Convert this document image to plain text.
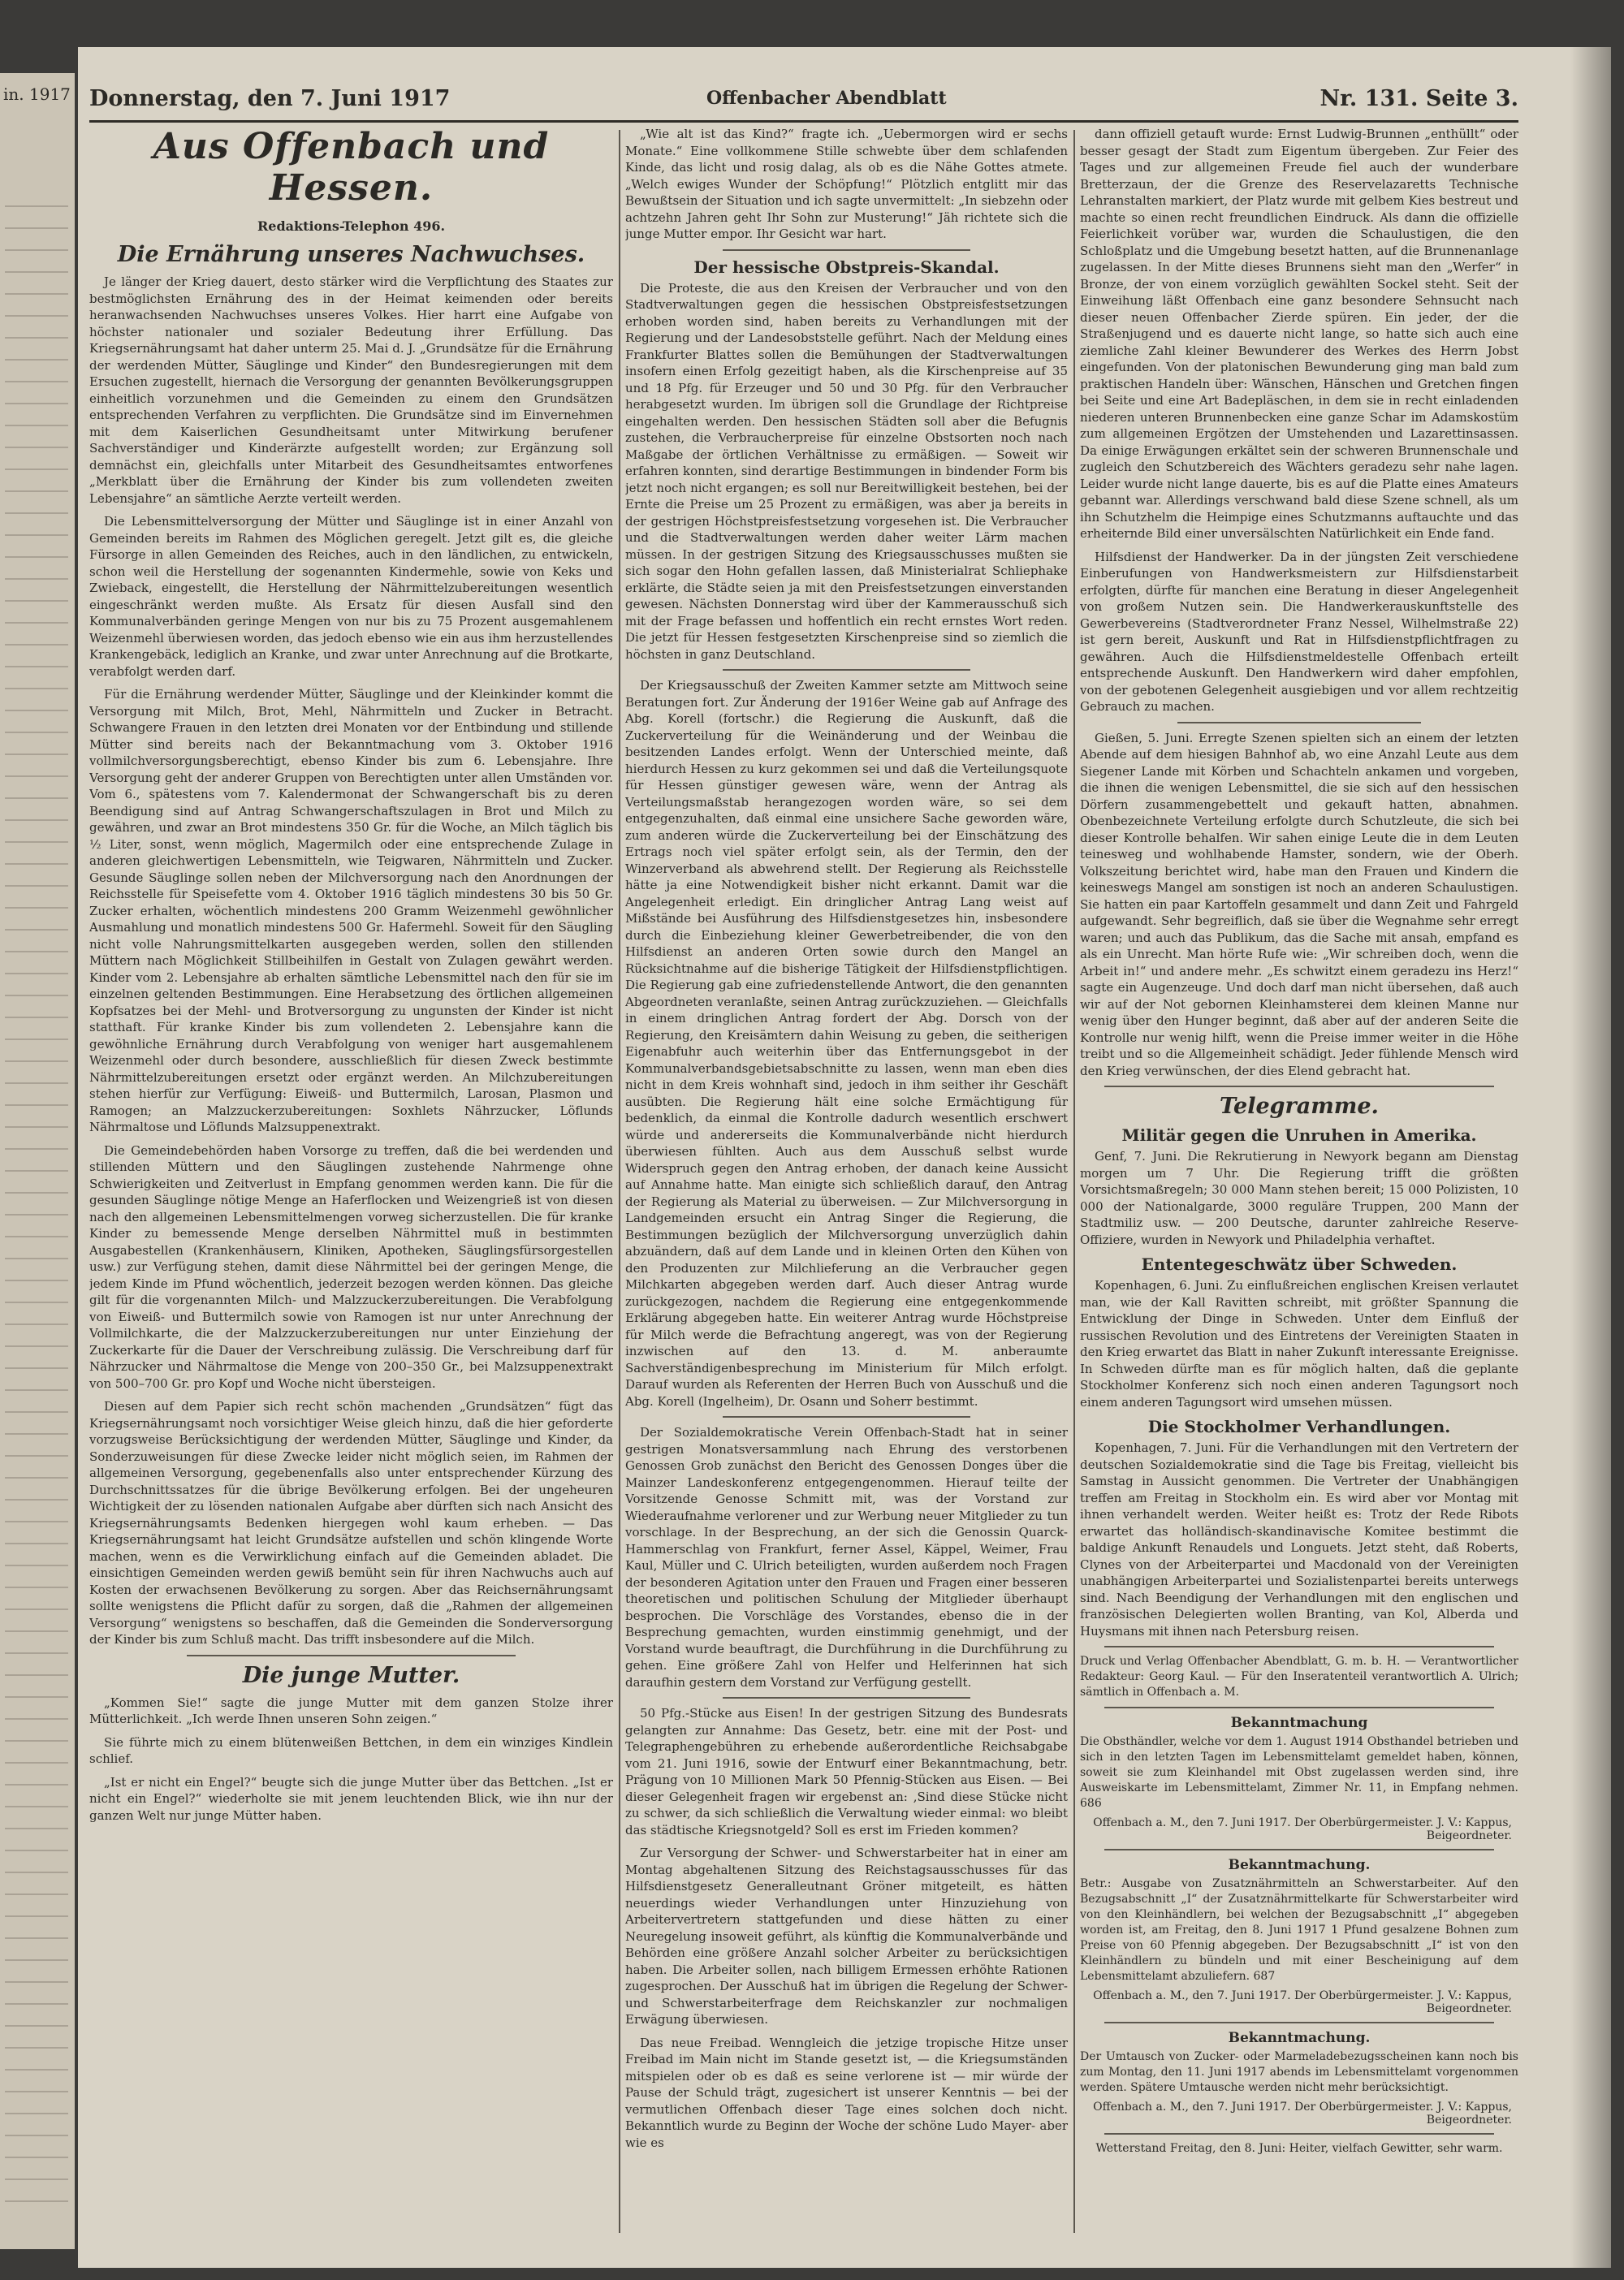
in. 1917 Donnerstag, den 7. Juni 1917	Offenbacher Abendblatt	Nr. 131. Seite 3.
Aus Offenbach und Hessen.
Redaktions-Telephon 496.
Die Ernährung unseres Nachwuchses.

Je länger der Krieg dauert, desto stärker wird die Verpflichtung des Staates zur bestmöglichsten Ernährung des in der Heimat keimenden oder bereits heranwachsenden Nachwuchses unseres Volkes. Hier harrt eine Aufgabe von höchster nationaler und sozialer Bedeutung ihrer Erfüllung. Das Kriegsernährungsamt hat daher unterm 25. Mai d. J. „Grundsätze für die Ernährung der werdenden Mütter, Säuglinge und Kinder“ den Bundesregierungen mit dem Ersuchen zugestellt, hiernach die Versorgung der genannten Bevölkerungsgruppen einheitlich vorzunehmen und die Gemeinden zu einem den Grundsätzen entsprechenden Verfahren zu verpflichten. Die Grundsätze sind im Einvernehmen mit dem Kaiserlichen Gesundheitsamt unter Mitwirkung berufener Sachverständiger und Kinderärzte aufgestellt worden; zur Ergänzung soll demnächst ein, gleichfalls unter Mitarbeit des Gesundheitsamtes entworfenes „Merkblatt über die Ernährung der Kinder bis zum vollendeten zweiten Lebensjahre“ an sämtliche Aerzte verteilt werden.

Die Lebensmittelversorgung der Mütter und Säuglinge ist in einer Anzahl von Gemeinden bereits im Rahmen des Möglichen geregelt. Jetzt gilt es, die gleiche Fürsorge in allen Gemeinden des Reiches, auch in den ländlichen, zu entwickeln, schon weil die Herstellung der sogenannten Kindermehle, sowie von Keks und Zwieback, eingestellt, die Herstellung der Nährmittelzubereitungen wesentlich eingeschränkt werden mußte. Als Ersatz für diesen Ausfall sind den Kommunalverbänden geringe Mengen von nur bis zu 75 Prozent ausgemahlenem Weizenmehl überwiesen worden, das jedoch ebenso wie ein aus ihm herzustellendes Krankengebäck, lediglich an Kranke, und zwar unter Anrechnung auf die Brotkarte, verabfolgt werden darf.

Für die Ernährung werdender Mütter, Säuglinge und der Kleinkinder kommt die Versorgung mit Milch, Brot, Mehl, Nährmitteln und Zucker in Betracht. Schwangere Frauen in den letzten drei Monaten vor der Entbindung und stillende Mütter sind bereits nach der Bekanntmachung vom 3. Oktober 1916 vollmilchversorgungsberechtigt, ebenso Kinder bis zum 6. Lebensjahre. Ihre Versorgung geht der anderer Gruppen von Berechtigten unter allen Umständen vor. Vom 6., spätestens vom 7. Kalendermonat der Schwangerschaft bis zu deren Beendigung sind auf Antrag Schwangerschaftszulagen in Brot und Milch zu gewähren, und zwar an Brot mindestens 350 Gr. für die Woche, an Milch täglich bis ½ Liter, sonst, wenn möglich, Magermilch oder eine entsprechende Zulage in anderen gleichwertigen Lebensmitteln, wie Teigwaren, Nährmitteln und Zucker. Gesunde Säuglinge sollen neben der Milchversorgung nach den Anordnungen der Reichsstelle für Speisefette vom 4. Oktober 1916 täglich mindestens 30 bis 50 Gr. Zucker erhalten, wöchentlich mindestens 200 Gramm Weizenmehl gewöhnlicher Ausmahlung und monatlich mindestens 500 Gr. Hafermehl. Soweit für den Säugling nicht volle Nahrungsmittelkarten ausgegeben werden, sollen den stillenden Müttern nach Möglichkeit Stillbeihilfen in Gestalt von Zulagen gewährt werden. Kinder vom 2. Lebensjahre ab erhalten sämtliche Lebensmittel nach den für sie im einzelnen geltenden Bestimmungen. Eine Herabsetzung des örtlichen allgemeinen Kopfsatzes bei der Mehl- und Brotversorgung zu ungunsten der Kinder ist nicht statthaft. Für kranke Kinder bis zum vollendeten 2. Lebensjahre kann die gewöhnliche Ernährung durch Verabfolgung von weniger hart ausgemahlenem Weizenmehl oder durch besondere, ausschließlich für diesen Zweck bestimmte Nährmittelzubereitungen ersetzt oder ergänzt werden. An Milchzubereitungen stehen hierfür zur Verfügung: Eiweiß- und Buttermilch, Larosan, Plasmon und Ramogen; an Malzzuckerzubereitungen: Soxhlets Nährzucker, Löflunds Nährmaltose und Löflunds Malzsuppenextrakt.

Die Gemeindebehörden haben Vorsorge zu treffen, daß die bei werdenden und stillenden Müttern und den Säuglingen zustehende Nahrmenge ohne Schwierigkeiten und Zeitverlust in Empfang genommen werden kann. Die für die gesunden Säuglinge nötige Menge an Haferflocken und Weizengrieß ist von diesen nach den allgemeinen Lebensmittelmengen vorweg sicherzustellen. Die für kranke Kinder zu bemessende Menge derselben Nährmittel muß in bestimmten Ausgabestellen (Krankenhäusern, Kliniken, Apotheken, Säuglingsfürsorgestellen usw.) zur Verfügung stehen, damit diese Nährmittel bei der geringen Menge, die jedem Kinde im Pfund wöchentlich, jederzeit bezogen werden können. Das gleiche gilt für die vorgenannten Milch- und Malzzuckerzubereitungen. Die Verabfolgung von Eiweiß- und Buttermilch sowie von Ramogen ist nur unter Anrechnung der Vollmilchkarte, die der Malzzuckerzubereitungen nur unter Einziehung der Zuckerkarte für die Dauer der Verschreibung zulässig. Die Verschreibung darf für Nährzucker und Nährmaltose die Menge von 200–350 Gr., bei Malzsuppenextrakt von 500–700 Gr. pro Kopf und Woche nicht übersteigen.

Diesen auf dem Papier sich recht schön machenden „Grundsätzen“ fügt das Kriegsernährungsamt noch vorsichtiger Weise gleich hinzu, daß die hier geforderte vorzugsweise Berücksichtigung der werdenden Mütter, Säuglinge und Kinder, da Sonderzuweisungen für diese Zwecke leider nicht möglich seien, im Rahmen der allgemeinen Versorgung, gegebenenfalls also unter entsprechender Kürzung des Durchschnittssatzes für die übrige Bevölkerung erfolgen. Bei der ungeheuren Wichtigkeit der zu lösenden nationalen Aufgabe aber dürften sich nach Ansicht des Kriegsernährungsamts Bedenken hiergegen wohl kaum erheben. — Das Kriegsernährungsamt hat leicht Grundsätze aufstellen und schön klingende Worte machen, wenn es die Verwirklichung einfach auf die Gemeinden abladet. Die einsichtigen Gemeinden werden gewiß bemüht sein für ihren Nachwuchs auch auf Kosten der erwachsenen Bevölkerung zu sorgen. Aber das Reichsernährungsamt sollte wenigstens die Pflicht dafür zu sorgen, daß die „Rahmen der allgemeinen Versorgung“ wenigstens so beschaffen, daß die Gemeinden die Sonderversorgung der Kinder bis zum Schluß macht. Das trifft insbesondere auf die Milch.

Die junge Mutter.

„Kommen Sie!“ sagte die junge Mutter mit dem ganzen Stolze ihrer Mütterlichkeit. „Ich werde Ihnen unseren Sohn zeigen.“

Sie führte mich zu einem blütenweißen Bettchen, in dem ein winziges Kindlein schlief.

„Ist er nicht ein Engel?“ beugte sich die junge Mutter über das Bettchen. „Ist er nicht ein Engel?“ wiederholte sie mit jenem leuchtenden Blick, wie ihn nur der ganzen Welt nur junge Mütter haben.

„Wie alt ist das Kind?“ fragte ich. „Uebermorgen wird er sechs Monate.“ Eine vollkommene Stille schwebte über dem schlafenden Kinde, das licht und rosig dalag, als ob es die Nähe Gottes atmete. „Welch ewiges Wunder der Schöpfung!“ Plötzlich entglitt mir das Bewußtsein der Situation und ich sagte unvermittelt: „In siebzehn oder achtzehn Jahren geht Ihr Sohn zur Musterung!“ Jäh richtete sich die junge Mutter empor. Ihr Gesicht war hart.

Der hessische Obstpreis-Skandal.

Die Proteste, die aus den Kreisen der Verbraucher und von den Stadtverwaltungen gegen die hessischen Obstpreisfestsetzungen erhoben worden sind, haben bereits zu Verhandlungen mit der Regierung und der Landesobststelle geführt. Nach der Meldung eines Frankfurter Blattes sollen die Bemühungen der Stadtverwaltungen insofern einen Erfolg gezeitigt haben, als die Kirschenpreise auf 35 und 18 Pfg. für Erzeuger und 50 und 30 Pfg. für den Verbraucher herabgesetzt wurden. Im übrigen soll die Grundlage der Richtpreise eingehalten werden. Den hessischen Städten soll aber die Befugnis zustehen, die Verbraucherpreise für einzelne Obstsorten noch nach Maßgabe der örtlichen Verhältnisse zu ermäßigen. — Soweit wir erfahren konnten, sind derartige Bestimmungen in bindender Form bis jetzt noch nicht ergangen; es soll nur Bereitwilligkeit bestehen, bei der Ernte die Preise um 25 Prozent zu ermäßigen, was aber ja bereits in der gestrigen Höchstpreisfestsetzung vorgesehen ist. Die Verbraucher und die Stadtverwaltungen werden daher weiter Lärm machen müssen. In der gestrigen Sitzung des Kriegsausschusses mußten sie sich sogar den Hohn gefallen lassen, daß Ministerialrat Schliephake erklärte, die Städte seien ja mit den Preisfestsetzungen einverstanden gewesen. Nächsten Donnerstag wird über der Kammerausschuß sich mit der Frage befassen und hoffentlich ein recht ernstes Wort reden. Die jetzt für Hessen festgesetzten Kirschenpreise sind so ziemlich die höchsten in ganz Deutschland.

Der Kriegsausschuß der Zweiten Kammer setzte am Mittwoch seine Beratungen fort. Zur Änderung der 1916er Weine gab auf Anfrage des Abg. Korell (fortschr.) die Regierung die Auskunft, daß die Zuckerverteilung für die Weinänderung und der Weinbau die besitzenden Landes erfolgt. Wenn der Unterschied meinte, daß hierdurch Hessen zu kurz gekommen sei und daß die Verteilungsquote für Hessen günstiger gewesen wäre, wenn der Antrag als Verteilungsmaßstab herangezogen worden wäre, so sei dem entgegenzuhalten, daß einmal eine unsichere Sache geworden wäre, zum anderen würde die Zuckerverteilung bei der Einschätzung des Ertrags noch viel später erfolgt sein, als der Termin, den der Winzerverband als abwehrend stellt. Der Regierung als Reichsstelle hätte ja eine Notwendigkeit bisher nicht erkannt. Damit war die Angelegenheit erledigt. Ein dringlicher Antrag Lang weist auf Mißstände bei Ausführung des Hilfsdienstgesetzes hin, insbesondere durch die Einbeziehung kleiner Gewerbetreibender, die von den Hilfsdienst an anderen Orten sowie durch den Mangel an Rücksichtnahme auf die bisherige Tätigkeit der Hilfsdienstpflichtigen. Die Regierung gab eine zufriedenstellende Antwort, die den genannten Abgeordneten veranlaßte, seinen Antrag zurückzuziehen. — Gleichfalls in einem dringlichen Antrag fordert der Abg. Dorsch von der Regierung, den Kreisämtern dahin Weisung zu geben, die seitherigen Eigenabfuhr auch weiterhin über das Entfernungsgebot in der Kommunalverbandsgebietsabschnitte zu lassen, wenn man eben dies nicht in dem Kreis wohnhaft sind, jedoch in ihm seither ihr Geschäft ausübten. Die Regierung hält eine solche Ermächtigung für bedenklich, da einmal die Kontrolle dadurch wesentlich erschwert würde und andererseits die Kommunalverbände nicht hierdurch überwiesen fühlten. Auch aus dem Ausschuß selbst wurde Widerspruch gegen den Antrag erhoben, der danach keine Aussicht auf Annahme hatte. Man einigte sich schließlich darauf, den Antrag der Regierung als Material zu überweisen. — Zur Milchversorgung in Landgemeinden ersucht ein Antrag Singer die Regierung, die Bestimmungen bezüglich der Milchversorgung unverzüglich dahin abzuändern, daß auf dem Lande und in kleinen Orten den Kühen von den Produzenten zur Milchlieferung an die Verbraucher gegen Milchkarten abgegeben werden darf. Auch dieser Antrag wurde zurückgezogen, nachdem die Regierung eine entgegenkommende Erklärung abgegeben hatte. Ein weiterer Antrag wurde Höchstpreise für Milch werde die Befrachtung angeregt, was von der Regierung inzwischen auf den 13. d. M. anberaumte Sachverständigenbesprechung im Ministerium für Milch erfolgt. Darauf wurden als Referenten der Herren Buch von Ausschuß und die Abg. Korell (Ingelheim), Dr. Osann und Soherr bestimmt.

Der Sozialdemokratische Verein Offenbach-Stadt hat in seiner gestrigen Monatsversammlung nach Ehrung des verstorbenen Genossen Grob zunächst den Bericht des Genossen Donges über die Mainzer Landeskonferenz entgegengenommen. Hierauf teilte der Vorsitzende Genosse Schmitt mit, was der Vorstand zur Wiederaufnahme verlorener und zur Werbung neuer Mitglieder zu tun vorschlage. In der Besprechung, an der sich die Genossin Quarck-Hammerschlag von Frankfurt, ferner Assel, Käppel, Weimer, Frau Kaul, Müller und C. Ulrich beteiligten, wurden außerdem noch Fragen der besonderen Agitation unter den Frauen und Fragen einer besseren theoretischen und politischen Schulung der Mitglieder überhaupt besprochen. Die Vorschläge des Vorstandes, ebenso die in der Besprechung gemachten, wurden einstimmig genehmigt, und der Vorstand wurde beauftragt, die Durchführung in die Durchführung zu gehen. Eine größere Zahl von Helfer und Helferinnen hat sich daraufhin gestern dem Vorstand zur Verfügung gestellt.

50 Pfg.-Stücke aus Eisen! In der gestrigen Sitzung des Bundesrats gelangten zur Annahme: Das Gesetz, betr. eine mit der Post- und Telegraphengebühren zu erhebende außerordentliche Reichsabgabe vom 21. Juni 1916, sowie der Entwurf einer Bekanntmachung, betr. Prägung von 10 Millionen Mark 50 Pfennig-Stücken aus Eisen. — Bei dieser Gelegenheit fragen wir ergebenst an: ‚Sind diese Stücke nicht zu schwer, da sich schließlich die Verwaltung wieder einmal: wo bleibt das städtische Kriegsnotgeld? Soll es erst im Frieden kommen?

Zur Versorgung der Schwer- und Schwerstarbeiter hat in einer am Montag abgehaltenen Sitzung des Reichstagsausschusses für das Hilfsdienstgesetz Generalleutnant Gröner mitgeteilt, es hätten neuerdings wieder Verhandlungen unter Hinzuziehung von Arbeitervertretern stattgefunden und diese hätten zu einer Neuregelung insoweit geführt, als künftig die Kommunalverbände und Behörden eine größere Anzahl solcher Arbeiter zu berücksichtigen haben. Die Arbeiter sollen, nach billigem Ermessen erhöhte Rationen zugesprochen. Der Ausschuß hat im übrigen die Regelung der Schwer- und Schwerstarbeiterfrage dem Reichskanzler zur nochmaligen Erwägung überwiesen.

Das neue Freibad. Wenngleich die jetzige tropische Hitze unser Freibad im Main nicht im Stande gesetzt ist, — die Kriegsumständen mitspielen oder ob es daß es seine verlorene ist — mir würde der Pause der Schuld trägt, zugesichert ist unserer Kenntnis — bei der vermutlichen Offenbach dieser Tage eines solchen doch nicht. Bekanntlich wurde zu Beginn der Woche der schöne Ludo Mayer- aber wie es

dann offiziell getauft wurde: Ernst Ludwig-Brunnen „enthüllt“ oder besser gesagt der Stadt zum Eigentum übergeben. Zur Feier des Tages und zur allgemeinen Freude fiel auch der wunderbare Bretterzaun, der die Grenze des Reservelazaretts Technische Lehranstalten markiert, der Platz wurde mit gelbem Kies bestreut und machte so einen recht freundlichen Eindruck. Als dann die offizielle Feierlichkeit vorüber war, wurden die Schaulustigen, die den Schloßplatz und die Umgebung besetzt hatten, auf die Brunnenanlage zugelassen. In der Mitte dieses Brunnens sieht man den „Werfer“ in Bronze, der von einem vorzüglich gewählten Sockel steht. Seit der Einweihung läßt Offenbach eine ganz besondere Sehnsucht nach dieser neuen Offenbacher Zierde spüren. Ein jeder, der die Straßenjugend und es dauerte nicht lange, so hatte sich auch eine ziemliche Zahl kleiner Bewunderer des Werkes des Herrn Jobst eingefunden. Von der platonischen Bewunderung ging man bald zum praktischen Handeln über: Wänschen, Hänschen und Gretchen fingen bei Seite und eine Art Badepläschen, in dem sie in recht einladenden niederen unteren Brunnenbecken eine ganze Schar im Adamskostüm zum allgemeinen Ergötzen der Umstehenden und Lazarettinsassen. Da einige Erwägungen erkältet sein der schweren Brunnenschale und zugleich den Schutzbereich des Wächters geradezu sehr nahe lagen. Leider wurde nicht lange dauerte, bis es auf die Platte eines Amateurs gebannt war. Allerdings verschwand bald diese Szene schnell, als um ihn Schutzhelm die Heimpige eines Schutzmanns auftauchte und das erheiternde Bild einer unversälschten Natürlichkeit ein Ende fand.

Hilfsdienst der Handwerker. Da in der jüngsten Zeit verschiedene Einberufungen von Handwerksmeistern zur Hilfsdienstarbeit erfolgten, dürfte für manchen eine Beratung in dieser Angelegenheit von großem Nutzen sein. Die Handwerkerauskunftstelle des Gewerbevereins (Stadtverordneter Franz Nessel, Wilhelmstraße 22) ist gern bereit, Auskunft und Rat in Hilfsdienstpflichtfragen zu gewähren. Auch die Hilfsdienstmeldestelle Offenbach erteilt entsprechende Auskunft. Den Handwerkern wird daher empfohlen, von der gebotenen Gelegenheit ausgiebigen und vor allem rechtzeitig Gebrauch zu machen.

Gießen, 5. Juni. Erregte Szenen spielten sich an einem der letzten Abende auf dem hiesigen Bahnhof ab, wo eine Anzahl Leute aus dem Siegener Lande mit Körben und Schachteln ankamen und vorgeben, die ihnen die wenigen Lebensmittel, die sie sich auf den hessischen Dörfern zusammengebettelt und gekauft hatten, abnahmen. Obenbezeichnete Verteilung erfolgte durch Schutzleute, die sich bei dieser Kontrolle behalfen. Wir sahen einige Leute die in dem Leuten teinesweg und wohlhabende Hamster, sondern, wie der Oberh. Volkszeitung berichtet wird, habe man den Frauen und Kindern die keineswegs Mangel am sonstigen ist noch an anderen Schaulustigen. Sie hatten ein paar Kartoffeln gesammelt und dann Zeit und Fahrgeld aufgewandt. Sehr begreiflich, daß sie über die Wegnahme sehr erregt waren; und auch das Publikum, das die Sache mit ansah, empfand es als ein Unrecht. Man hörte Rufe wie: „Wir schreiben doch, wenn die Arbeit in!“ und andere mehr. „Es schwitzt einem geradezu ins Herz!“ sagte ein Augenzeuge. Und doch darf man nicht übersehen, daß auch wir auf der Not gebornen Kleinhamsterei dem kleinen Manne nur wenig über den Hunger beginnt, daß aber auf der anderen Seite die Kontrolle nur wenig hilft, wenn die Preise immer weiter in die Höhe treibt und so die Allgemeinheit schädigt. Jeder fühlende Mensch wird den Krieg verwünschen, der dies Elend gebracht hat.

Telegramme.
Militär gegen die Unruhen in Amerika.

Genf, 7. Juni. Die Rekrutierung in Newyork begann am Dienstag morgen um 7 Uhr. Die Regierung trifft die größten Vorsichtsmaßregeln; 30 000 Mann stehen bereit; 15 000 Polizisten, 10 000 der Nationalgarde, 3000 reguläre Truppen, 200 Mann der Stadtmiliz usw. — 200 Deutsche, darunter zahlreiche Reserve-Offiziere, wurden in Newyork und Philadelphia verhaftet.

Ententegeschwätz über Schweden.

Kopenhagen, 6. Juni. Zu einflußreichen englischen Kreisen verlautet man, wie der Kall Ravitten schreibt, mit größter Spannung die Entwicklung der Dinge in Schweden. Unter dem Einfluß der russischen Revolution und des Eintretens der Vereinigten Staaten in den Krieg erwartet das Blatt in naher Zukunft interessante Ereignisse. In Schweden dürfte man es für möglich halten, daß die geplante Stockholmer Konferenz sich noch einen anderen Tagungsort noch einem anderen Tagungsort wird umsehen müssen.

Die Stockholmer Verhandlungen.

Kopenhagen, 7. Juni. Für die Verhandlungen mit den Vertretern der deutschen Sozialdemokratie sind die Tage bis Freitag, vielleicht bis Samstag in Aussicht genommen. Die Vertreter der Unabhängigen treffen am Freitag in Stockholm ein. Es wird aber vor Montag mit ihnen verhandelt werden. Weiter heißt es: Trotz der Rede Ribots erwartet das holländisch-skandinavische Komitee bestimmt die baldige Ankunft Renaudels und Longuets. Jetzt steht, daß Roberts, Clynes von der Arbeiterpartei und Macdonald von der Vereinigten unabhängigen Arbeiterpartei und Sozialistenpartei bereits unterwegs sind. Nach Beendigung der Verhandlungen mit den englischen und französischen Delegierten wollen Branting, van Kol, Alberda und Huysmans mit ihnen nach Petersburg reisen.

Druck und Verlag Offenbacher Abendblatt, G. m. b. H. — Verantwortlicher Redakteur: Georg Kaul. — Für den Inseratenteil verantwortlich A. Ulrich; sämtlich in Offenbach a. M.

Bekanntmachung

Die Obsthändler, welche vor dem 1. August 1914 Obsthandel betrieben und sich in den letzten Tagen im Lebensmittelamt gemeldet haben, können, soweit sie zum Kleinhandel mit Obst zugelassen werden sind, ihre Ausweiskarte im Lebensmittelamt, Zimmer Nr. 11, in Empfang nehmen. 686

Offenbach a. M., den 7. Juni 1917. Der Oberbürgermeister. J. V.: Kappus, Beigeordneter.
Bekanntmachung.

Betr.: Ausgabe von Zusatznährmitteln an Schwerstarbeiter. Auf den Bezugsabschnitt „I“ der Zusatznährmittelkarte für Schwerstarbeiter wird von den Kleinhändlern, bei welchen der Bezugsabschnitt „I“ abgegeben worden ist, am Freitag, den 8. Juni 1917 1 Pfund gesalzene Bohnen zum Preise von 60 Pfennig abgegeben. Der Bezugsabschnitt „I“ ist von den Kleinhändlern zu bündeln und mit einer Bescheinigung auf dem Lebensmittelamt abzuliefern. 687

Offenbach a. M., den 7. Juni 1917. Der Oberbürgermeister. J. V.: Kappus, Beigeordneter.
Bekanntmachung.

Der Umtausch von Zucker- oder Marmeladebezugsscheinen kann noch bis zum Montag, den 11. Juni 1917 abends im Lebensmittelamt vorgenommen werden. Spätere Umtausche werden nicht mehr berücksichtigt.

Offenbach a. M., den 7. Juni 1917. Der Oberbürgermeister. J. V.: Kappus, Beigeordneter.

Wetterstand Freitag, den 8. Juni: Heiter, vielfach Gewitter, sehr warm.
